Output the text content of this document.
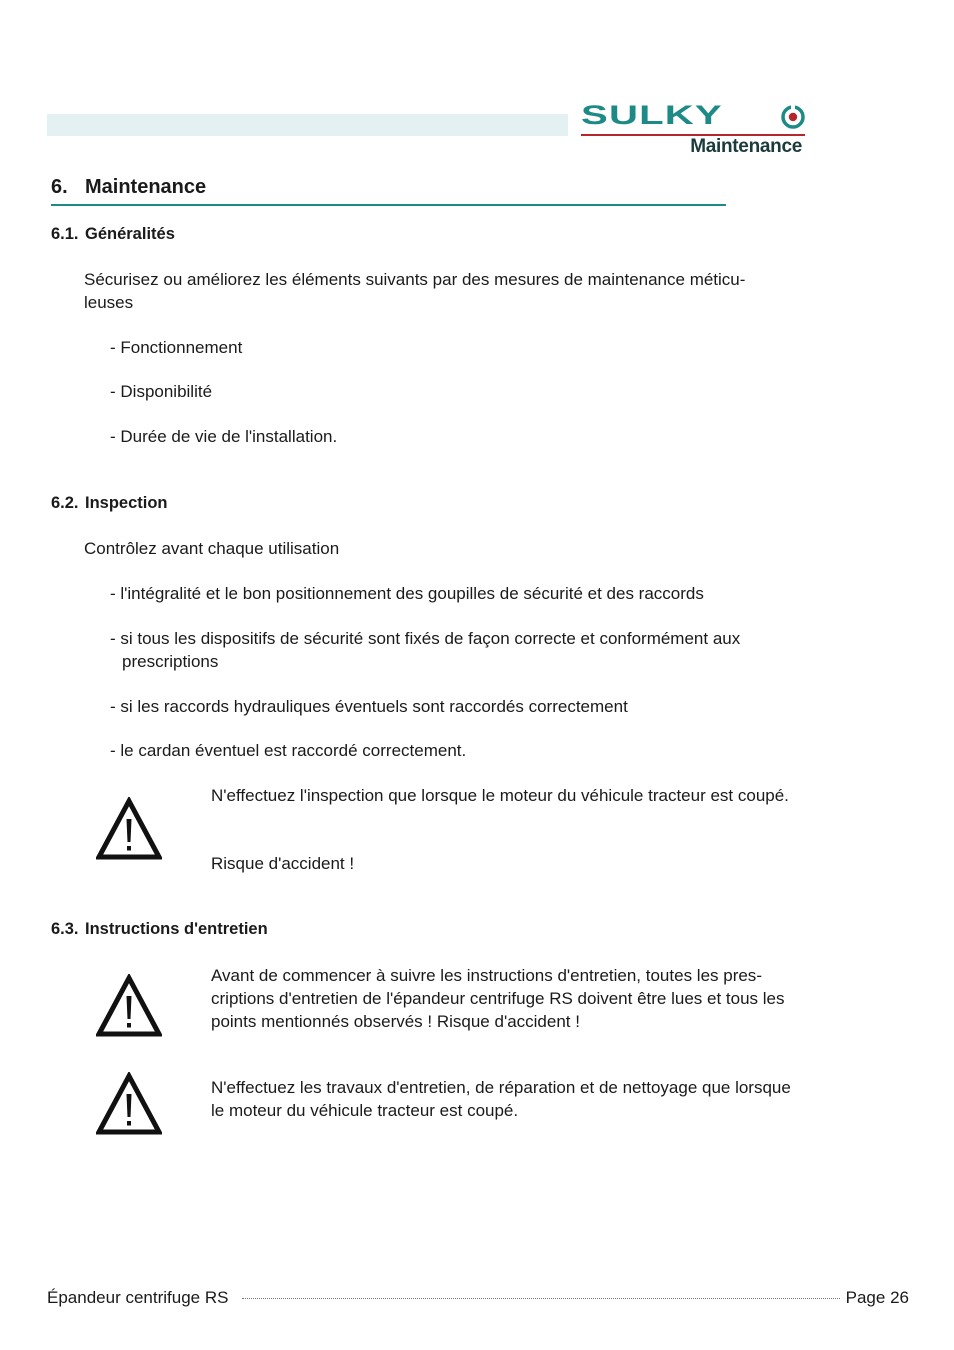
SULKY
Maintenance
6. Maintenance
6.1. Généralités
Sécurisez ou améliorez les éléments suivants par des mesures de maintenance méticu-
leuses
- Fonctionnement
- Disponibilité
- Durée de vie de l'installation.
6.2. Inspection
Contrôlez avant chaque utilisation
- l'intégralité et le bon positionnement des goupilles de sécurité et des raccords
- si tous les dispositifs de sécurité sont fixés de façon correcte et conformément aux prescriptions
- si les raccords hydrauliques éventuels sont raccordés correctement
- le cardan éventuel est raccordé correctement.
N'effectuez l'inspection que lorsque le moteur du véhicule tracteur est coupé.
Risque d'accident !
6.3. Instructions d'entretien
Avant de commencer à suivre les instructions d'entretien, toutes les prescriptions d'entretien de l'épandeur centrifuge RS doivent être lues et tous les points mentionnés observés ! Risque d'accident !
N'effectuez les travaux d'entretien, de réparation et de nettoyage que lorsque le moteur du véhicule tracteur est coupé.
Épandeur centrifuge RS	Page 26
